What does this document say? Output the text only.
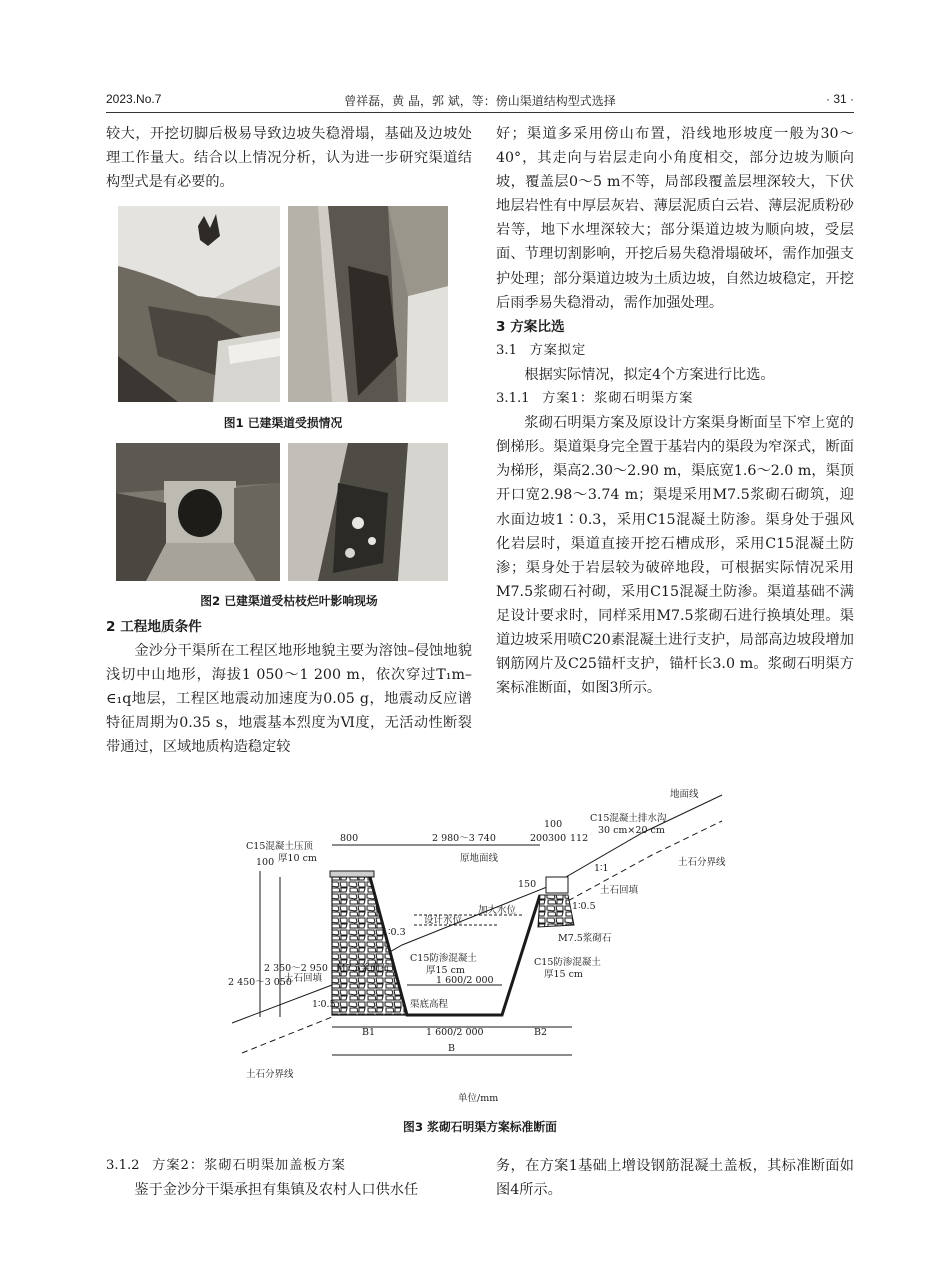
2023.No.7	曾祥磊，黄 晶，郭 斌，等：傍山渠道结构型式选择	· 31 ·

较大，开挖切脚后极易导致边坡失稳滑塌，基础及边坡处理工作量大。结合以上情况分析，认为进一步研究渠道结构型式是有必要的。

图1 已建渠道受损情况
图2 已建渠道受枯枝烂叶影响现场
2 工程地质条件

金沙分干渠所在工程区地形地貌主要为溶蚀–侵蚀地貌浅切中山地形，海拔1 050～1 200 m，依次穿过T₁m–∈₁q地层，工程区地震动加速度为0.05 g，地震动反应谱特征周期为0.35 s，地震基本烈度为Ⅵ度，无活动性断裂带通过，区域地质构造稳定较

好；渠道多采用傍山布置，沿线地形坡度一般为30～40°，其走向与岩层走向小角度相交，部分边坡为顺向坡，覆盖层0～5 m不等，局部段覆盖层埋深较大，下伏地层岩性有中厚层灰岩、薄层泥质白云岩、薄层泥质粉砂岩等，地下水埋深较大；部分渠道边坡为顺向坡，受层面、节理切割影响，开挖后易失稳滑塌破坏，需作加强支护处理；部分渠道边坡为土质边坡，自然边坡稳定，开挖后雨季易失稳滑动，需作加强处理。

3 方案比选
3.1 方案拟定

根据实际情况，拟定4个方案进行比选。

3.1.1 方案1：浆砌石明渠方案

浆砌石明渠方案及原设计方案渠身断面呈下窄上宽的倒梯形。渠道渠身完全置于基岩内的渠段为窄深式，断面为梯形，渠高2.30～2.90 m，渠底宽1.6～2.0 m，渠顶开口宽2.98～3.74 m；渠堤采用M7.5浆砌石砌筑，迎水面边坡1∶0.3，采用C15混凝土防渗。渠身处于强风化岩层时，渠道直接开挖石槽成形，采用C15混凝土防渗；渠身处于岩层较为破碎地段，可根据实际情况采用M7.5浆砌石衬砌，采用C15混凝土防渗。渠道基础不满足设计要求时，同样采用M7.5浆砌石进行换填处理。渠道边坡采用喷C20素混凝土进行支护，局部高边坡段增加钢筋网片及C25锚杆支护，锚杆长3.0 m。浆砌石明渠方案标准断面，如图3所示。

地面线
C15混凝土排水沟
30 cm×20 cm
土石分界线
土石回填
C15混凝土压顶
厚10 cm	原地面线
设计水位
加大水位
M7.5浆砌石
M7.5浆砌石
C15防渗混凝土
厚15 cm
C15防渗混凝土
厚15 cm
土石回填
渠底高程
土石分界线
1∶0.3
1∶0.5
1∶0.5
1∶1
2 450～3 050
2 350～2 950
100
800	2 980～3 740	200 300
100
112
150
1 600/2 000
B1	1 600/2 000	B2
B
单位/mm
图3 浆砌石明渠方案标准断面
3.1.2 方案2：浆砌石明渠加盖板方案

鉴于金沙分干渠承担有集镇及农村人口供水任

务，在方案1基础上增设钢筋混凝土盖板，其标准断面如图4所示。
